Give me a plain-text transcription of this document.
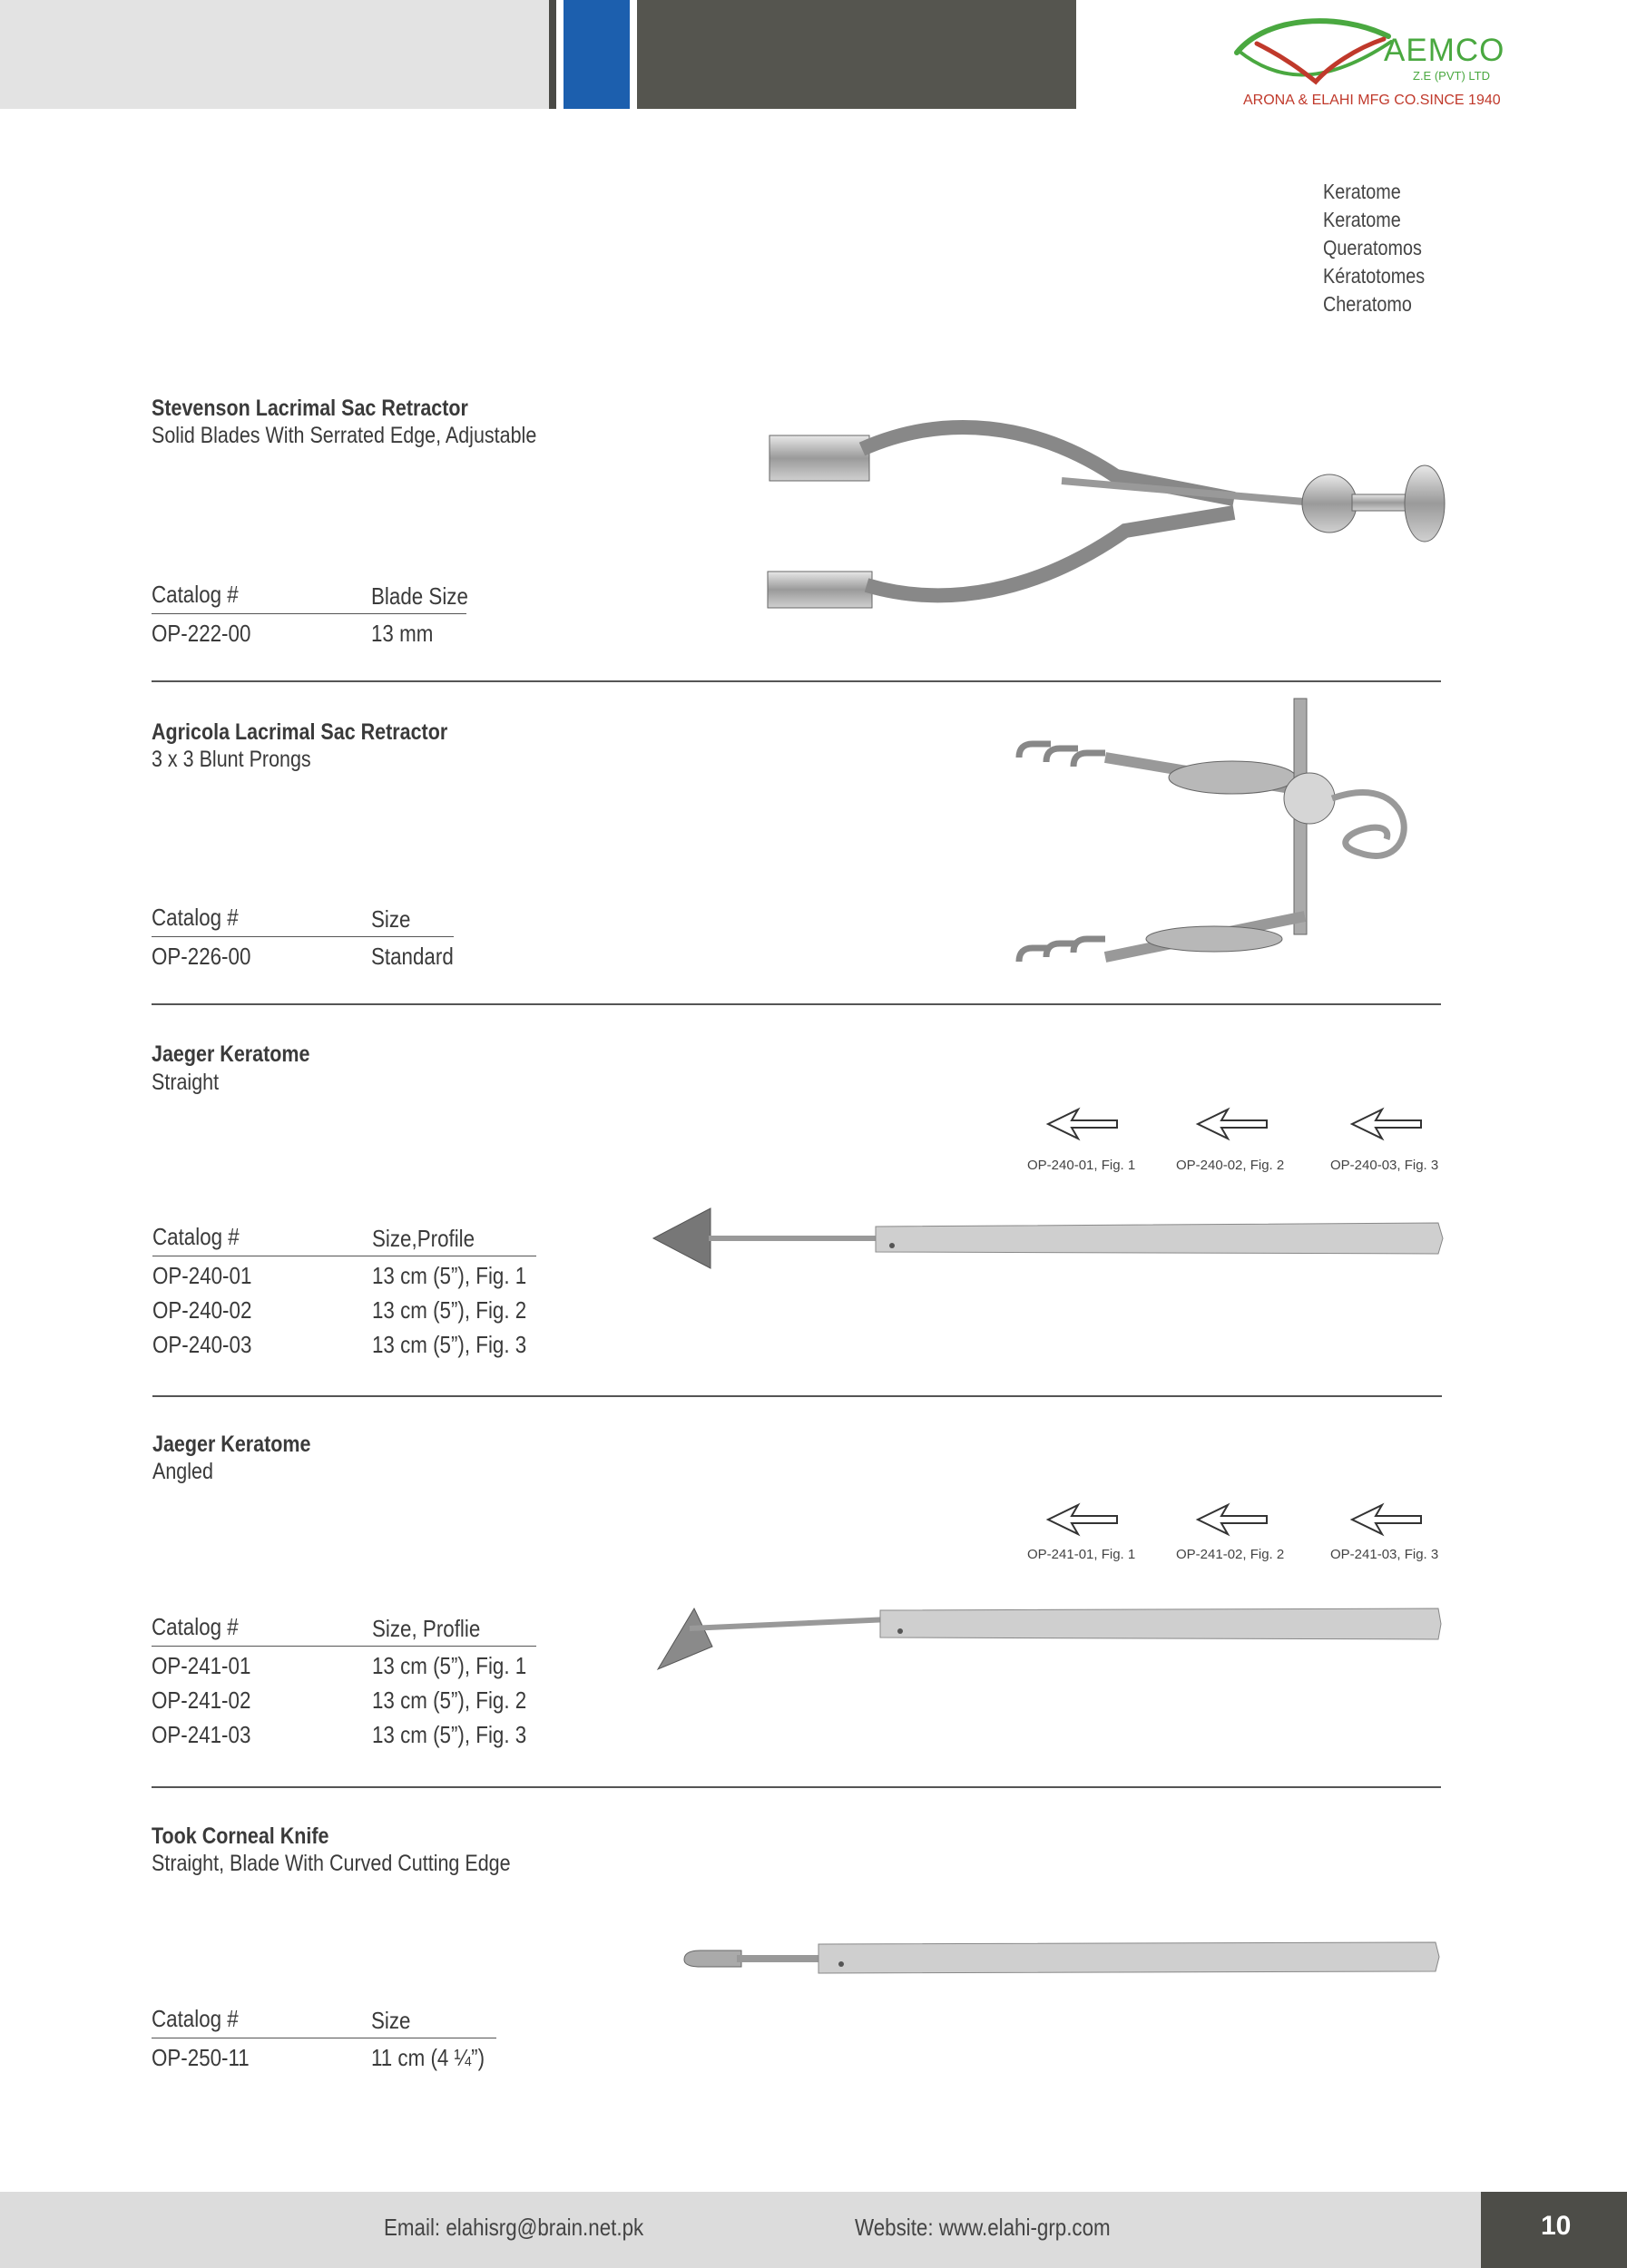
AEMCO
Z.E (PVT) LTD
ARONA & ELAHI MFG CO.SINCE 1940
Keratome
Keratome
Queratomos
Kératotomes
Cheratomo
Stevenson Lacrimal Sac Retractor
Solid Blades With Serrated Edge, Adjustable
Catalog #	Blade Size
OP-222-00	13 mm
Agricola Lacrimal Sac Retractor
3 x 3 Blunt Prongs
Catalog #	Size
OP-226-00	Standard
Jaeger Keratome
Straight
OP-240-01, Fig. 1	OP-240-02, Fig. 2	OP-240-03, Fig. 3
Catalog #	Size,Profile
OP-240-01	13 cm (5”), Fig. 1
OP-240-02	13 cm (5”), Fig. 2
OP-240-03	13 cm (5”), Fig. 3
Jaeger Keratome
Angled
OP-241-01, Fig. 1	OP-241-02, Fig. 2	OP-241-03, Fig. 3
Catalog #	Size, Proflie
OP-241-01	13 cm (5”), Fig. 1
OP-241-02	13 cm (5”), Fig. 2
OP-241-03	13 cm (5”), Fig. 3
Took Corneal Knife
Straight, Blade With Curved Cutting Edge
Catalog #	Size
OP-250-11	11 cm (4 ¼”)
Email: elahisrg@brain.net.pk	Website: www.elahi-grp.com	10
